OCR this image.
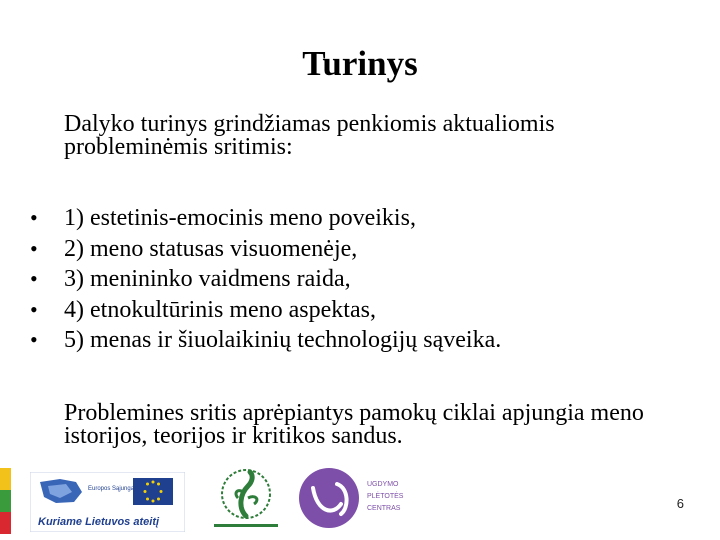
Turinys
Dalyko turinys grindžiamas penkiomis aktualiomis probleminėmis sritimis:
•	1) estetinis-emocinis meno poveikis,
•	2) meno statusas visuomenėje,
•	3) menininko vaidmens raida,
•	4) etnokultūrinis meno aspektas,
•	5) menas ir šiuolaikinių technologijų sąveika.
Problemines sritis aprėpiantys pamokų ciklai apjungia meno istorijos, teorijos ir kritikos sandus.
Europos Sąjunga
Kuriame Lietuvos ateitį
UGDYMO
PLĖTOTĖS
CENTRAS	6
